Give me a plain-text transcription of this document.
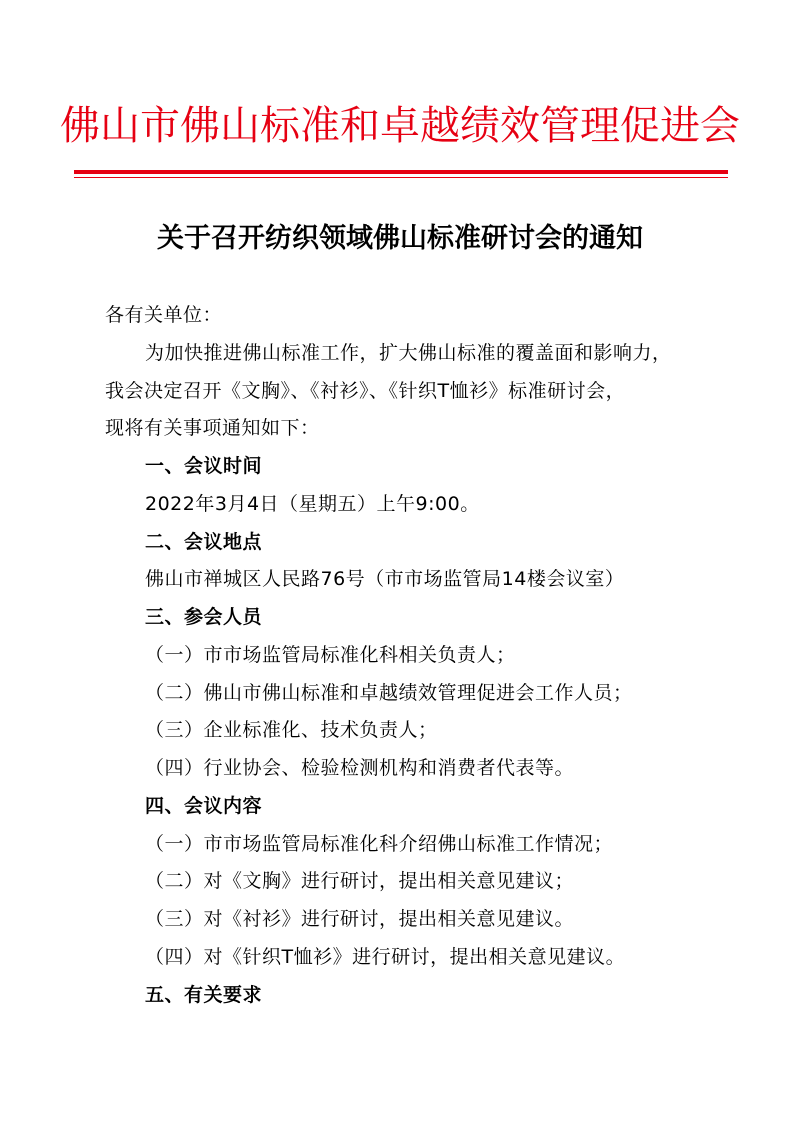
佛山市佛山标准和卓越绩效管理促进会
关于召开纺织领域佛山标准研讨会的通知
各有关单位：
为加快推进佛山标准工作，扩大佛山标准的覆盖面和影响力，
我会决定召开《文胸》、《衬衫》、《针织T恤衫》标准研讨会，
现将有关事项通知如下：
一、会议时间
2022年3月4日（星期五）上午9:00。
二、会议地点
佛山市禅城区人民路76号（市市场监管局14楼会议室）
三、参会人员
（一）市市场监管局标准化科相关负责人；
（二）佛山市佛山标准和卓越绩效管理促进会工作人员；
（三）企业标准化、技术负责人；
（四）行业协会、检验检测机构和消费者代表等。
四、会议内容
（一）市市场监管局标准化科介绍佛山标准工作情况；
（二）对《文胸》进行研讨，提出相关意见建议；
（三）对《衬衫》进行研讨，提出相关意见建议。
（四）对《针织T恤衫》进行研讨，提出相关意见建议。
五、有关要求
